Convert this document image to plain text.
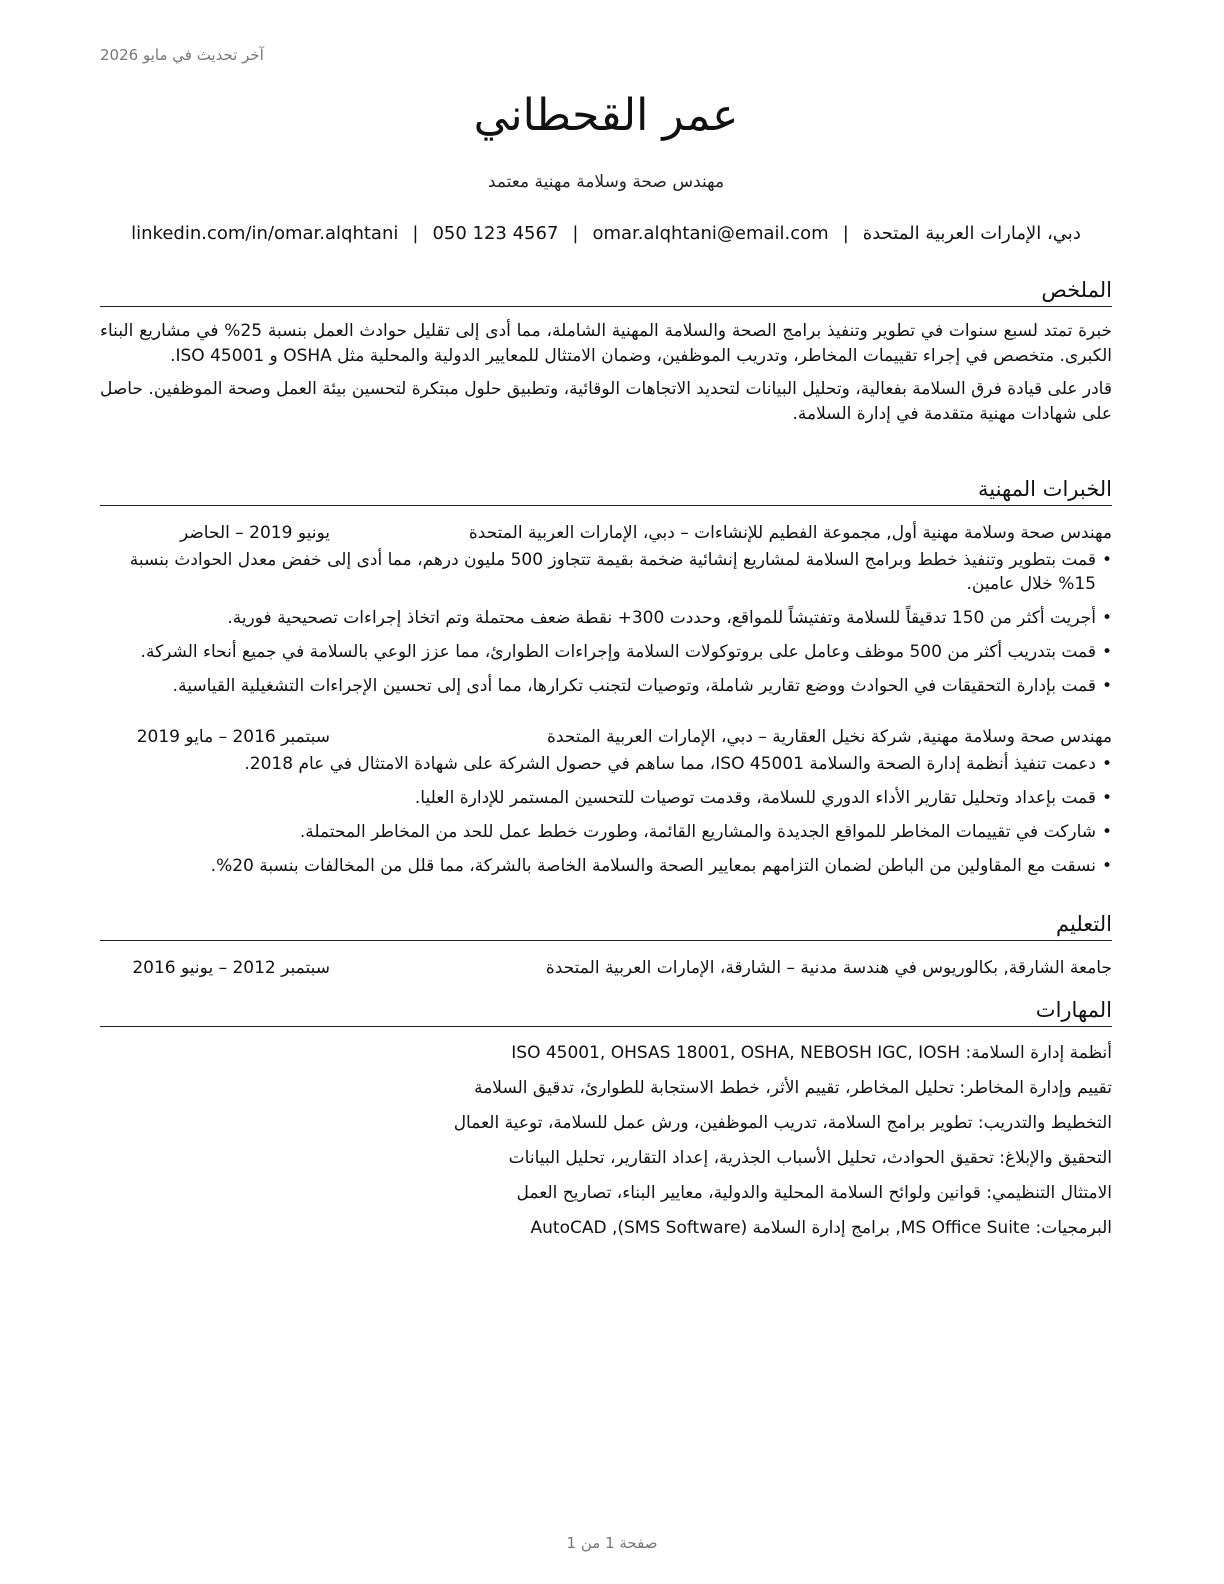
آخر تحديث في مايو 2026
عمر القحطاني
مهندس صحة وسلامة مهنية معتمد
دبي، الإمارات العربية المتحدة|omar.alqhtani@email.com|050 123 4567|linkedin.com/in/omar.alqhtani
الملخص

خبرة تمتد لسبع سنوات في تطوير وتنفيذ برامج الصحة والسلامة المهنية الشاملة، مما أدى إلى تقليل حوادث العمل بنسبة 25% في مشاريع البناء الكبرى. متخصص في إجراء تقييمات المخاطر، وتدريب الموظفين، وضمان الامتثال للمعايير الدولية والمحلية مثل OSHA و ISO 45001.

قادر على قيادة فرق السلامة بفعالية، وتحليل البيانات لتحديد الاتجاهات الوقائية، وتطبيق حلول مبتكرة لتحسين بيئة العمل وصحة الموظفين. حاصل على شهادات مهنية متقدمة في إدارة السلامة.

الخبرات المهنية
مهندس صحة وسلامة مهنية أول, مجموعة الفطيم للإنشاءات – دبي، الإمارات العربية المتحدة
يونيو 2019 – الحاضر
• قمت بتطوير وتنفيذ خطط وبرامج السلامة لمشاريع إنشائية ضخمة بقيمة تتجاوز 500 مليون درهم، مما أدى إلى خفض معدل الحوادث بنسبة 15% خلال عامين.
• أجريت أكثر من 150 تدقيقاً للسلامة وتفتيشاً للمواقع، وحددت 300+ نقطة ضعف محتملة وتم اتخاذ إجراءات تصحيحية فورية.
• قمت بتدريب أكثر من 500 موظف وعامل على بروتوكولات السلامة وإجراءات الطوارئ، مما عزز الوعي بالسلامة في جميع أنحاء الشركة.
• قمت بإدارة التحقيقات في الحوادث ووضع تقارير شاملة، وتوصيات لتجنب تكرارها، مما أدى إلى تحسين الإجراءات التشغيلية القياسية.
مهندس صحة وسلامة مهنية, شركة نخيل العقارية – دبي، الإمارات العربية المتحدة
سبتمبر 2016 – مايو 2019
• دعمت تنفيذ أنظمة إدارة الصحة والسلامة ISO 45001، مما ساهم في حصول الشركة على شهادة الامتثال في عام 2018.
• قمت بإعداد وتحليل تقارير الأداء الدوري للسلامة، وقدمت توصيات للتحسين المستمر للإدارة العليا.
• شاركت في تقييمات المخاطر للمواقع الجديدة والمشاريع القائمة، وطورت خطط عمل للحد من المخاطر المحتملة.
• نسقت مع المقاولين من الباطن لضمان التزامهم بمعايير الصحة والسلامة الخاصة بالشركة، مما قلل من المخالفات بنسبة 20%.
التعليم
جامعة الشارقة, بكالوريوس في هندسة مدنية – الشارقة، الإمارات العربية المتحدة
سبتمبر 2012 – يونيو 2016
المهارات
أنظمة إدارة السلامة: ISO 45001, OHSAS 18001, OSHA, NEBOSH IGC, IOSH
تقييم وإدارة المخاطر: تحليل المخاطر، تقييم الأثر، خطط الاستجابة للطوارئ، تدقيق السلامة
التخطيط والتدريب: تطوير برامج السلامة، تدريب الموظفين، ورش عمل للسلامة، توعية العمال
التحقيق والإبلاغ: تحقيق الحوادث، تحليل الأسباب الجذرية، إعداد التقارير، تحليل البيانات
الامتثال التنظيمي: قوانين ولوائح السلامة المحلية والدولية، معايير البناء، تصاريح العمل
البرمجيات: MS Office Suite, برامج إدارة السلامة (SMS Software), AutoCAD
صفحة 1 من 1
